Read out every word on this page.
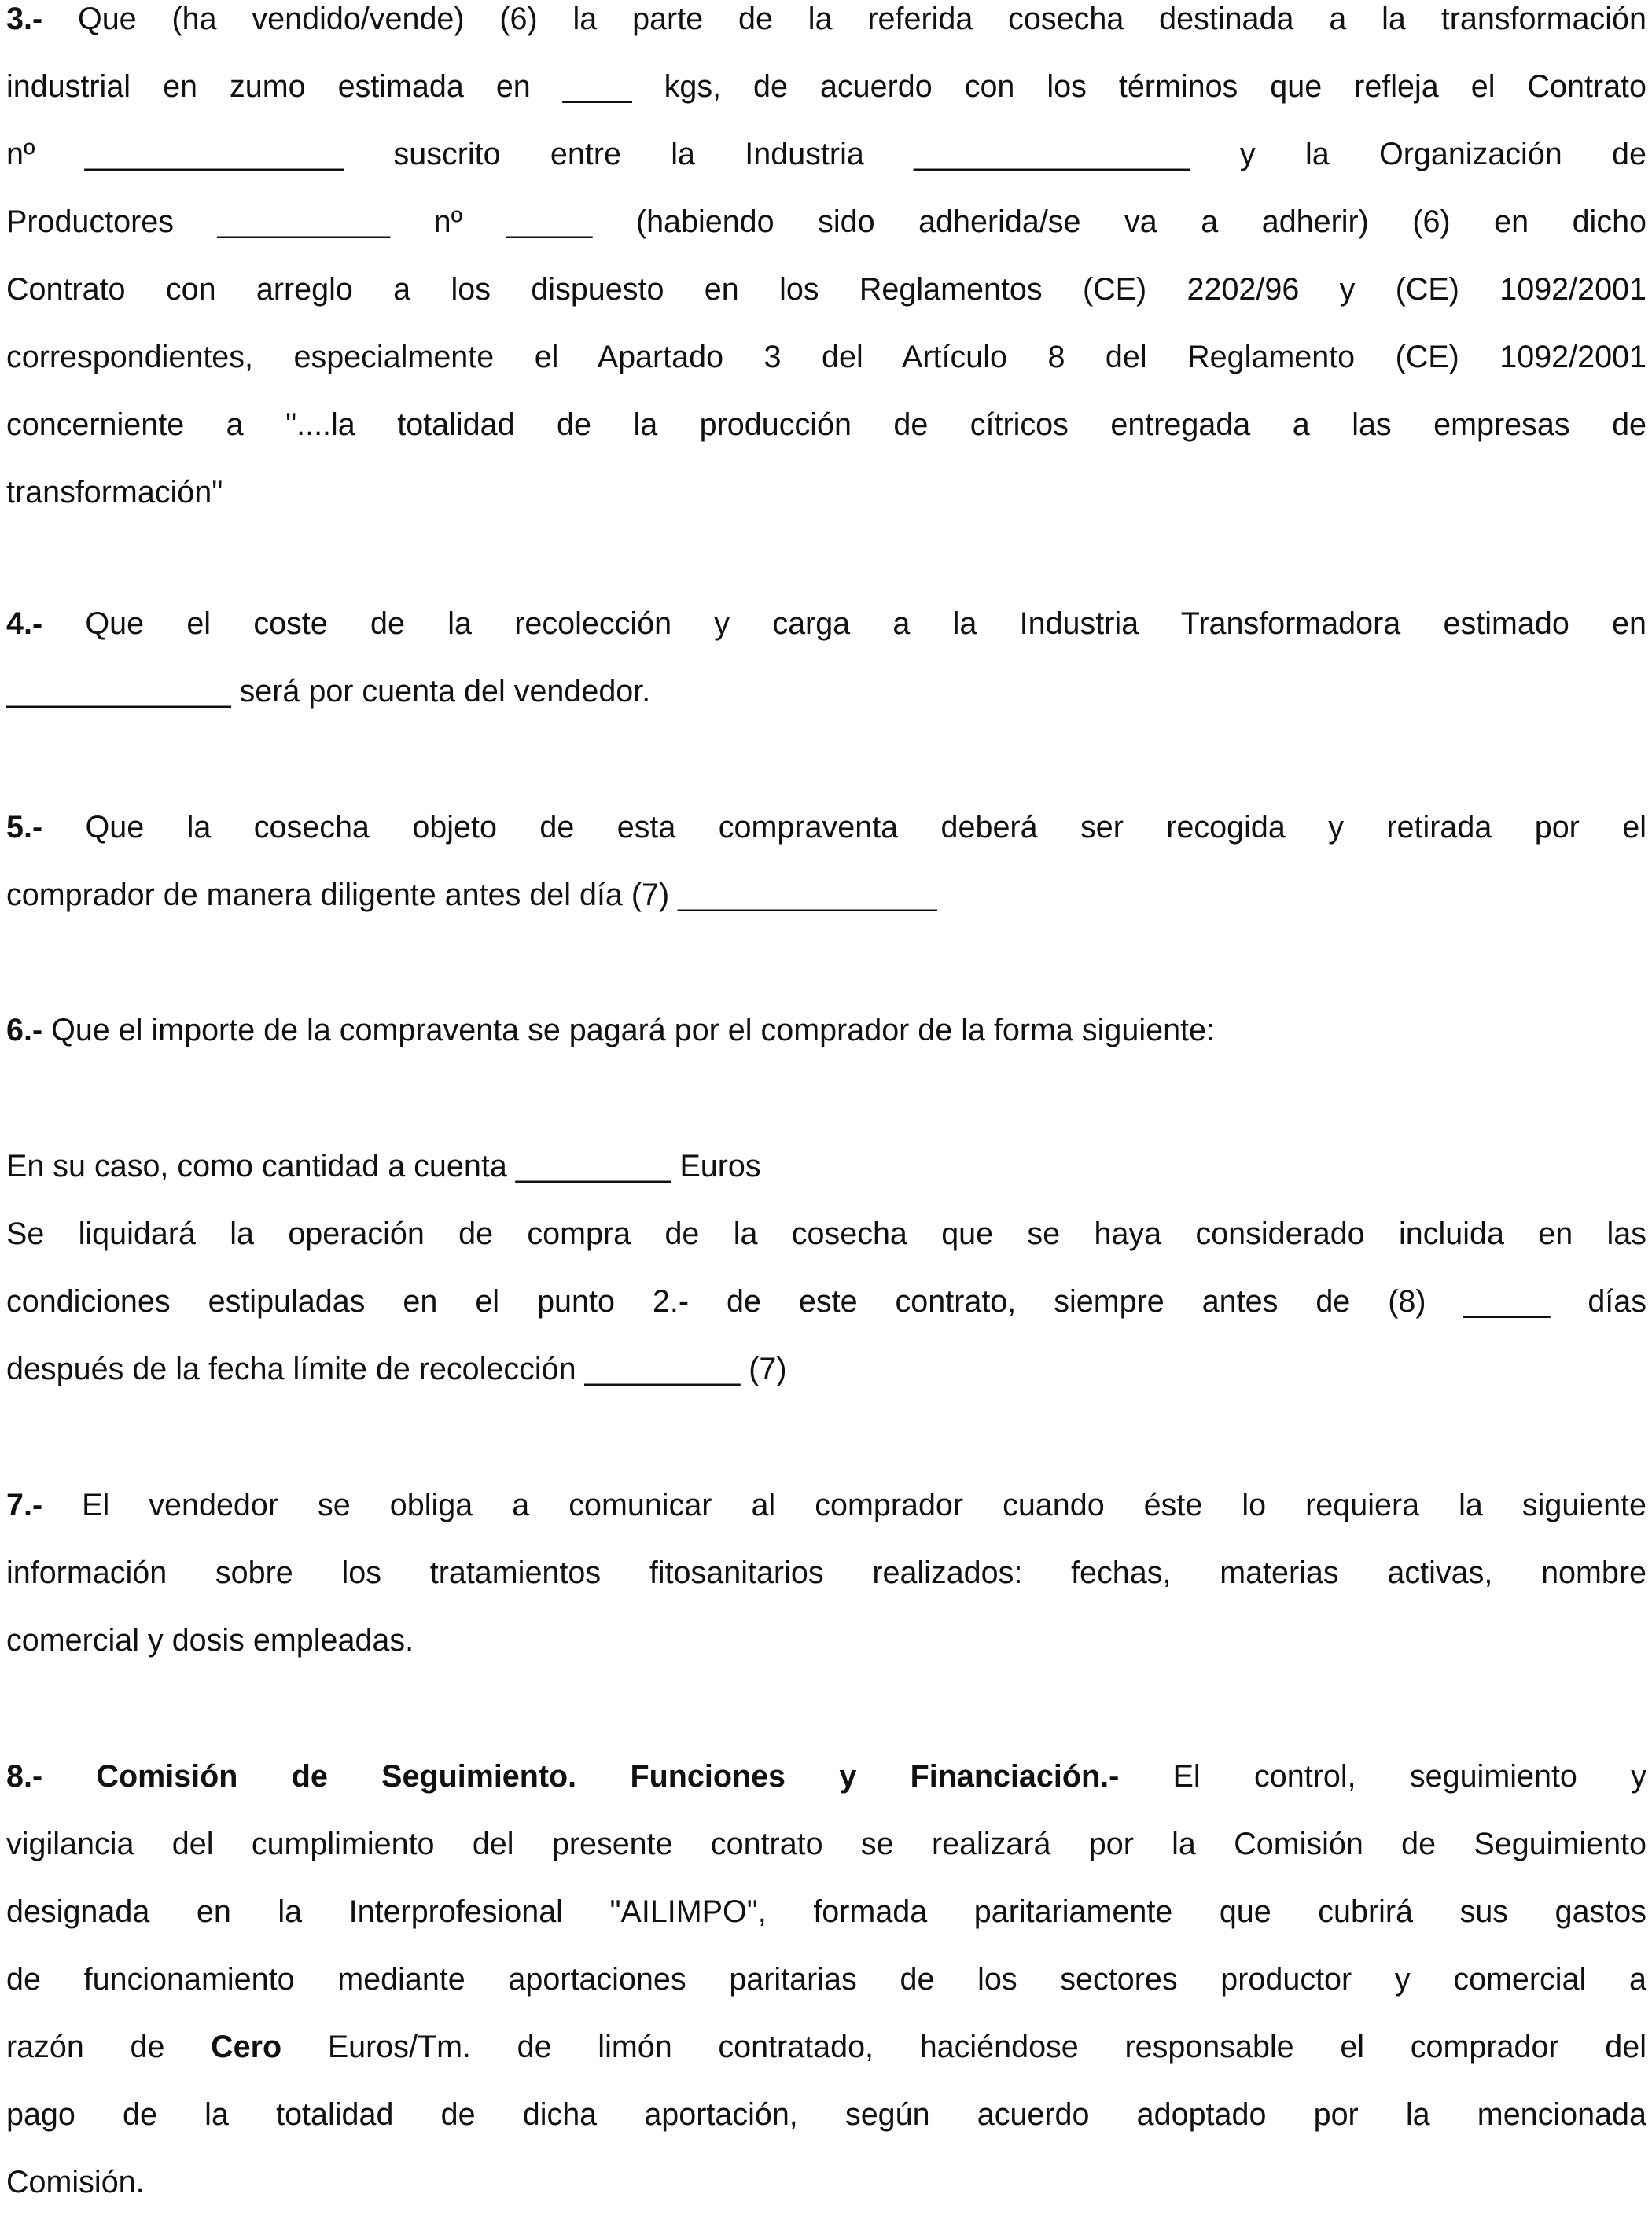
3.- Que (ha vendido/vende) (6) la parte de la referida cosecha destinada a la transformación
industrial en zumo estimada en ____ kgs, de acuerdo con los términos que refleja el Contrato
nº _______________ suscrito entre la Industria ________________ y la Organización de
Productores __________ nº _____ (habiendo sido adherida/se va a adherir) (6) en dicho
Contrato con arreglo a los dispuesto en los Reglamentos (CE) 2202/96 y (CE) 1092/2001
correspondientes, especialmente el Apartado 3 del Artículo 8 del Reglamento (CE) 1092/2001
concerniente a "....la totalidad de la producción de cítricos entregada a las empresas de
transformación"
4.- Que el coste de la recolección y carga a la Industria Transformadora estimado en
_____________ será por cuenta del vendedor.
5.- Que la cosecha objeto de esta compraventa deberá ser recogida y retirada por el
comprador de manera diligente antes del día (7) _______________
6.- Que el importe de la compraventa se pagará por el comprador de la forma siguiente:
En su caso, como cantidad a cuenta _________ Euros
Se liquidará la operación de compra de la cosecha que se haya considerado incluida en las
condiciones estipuladas en el punto 2.- de este contrato, siempre antes de (8) _____ días
después de la fecha límite de recolección _________ (7)
7.- El vendedor se obliga a comunicar al comprador cuando éste lo requiera la siguiente
información sobre los tratamientos fitosanitarios realizados: fechas, materias activas, nombre
comercial y dosis empleadas.
8.- Comisión de Seguimiento. Funciones y Financiación.- El control, seguimiento y
vigilancia del cumplimiento del presente contrato se realizará por la Comisión de Seguimiento
designada en la Interprofesional "AILIMPO", formada paritariamente que cubrirá sus gastos
de funcionamiento mediante aportaciones paritarias de los sectores productor y comercial a
razón de Cero Euros/Tm. de limón contratado, haciéndose responsable el comprador del
pago de la totalidad de dicha aportación, según acuerdo adoptado por la mencionada
Comisión.
